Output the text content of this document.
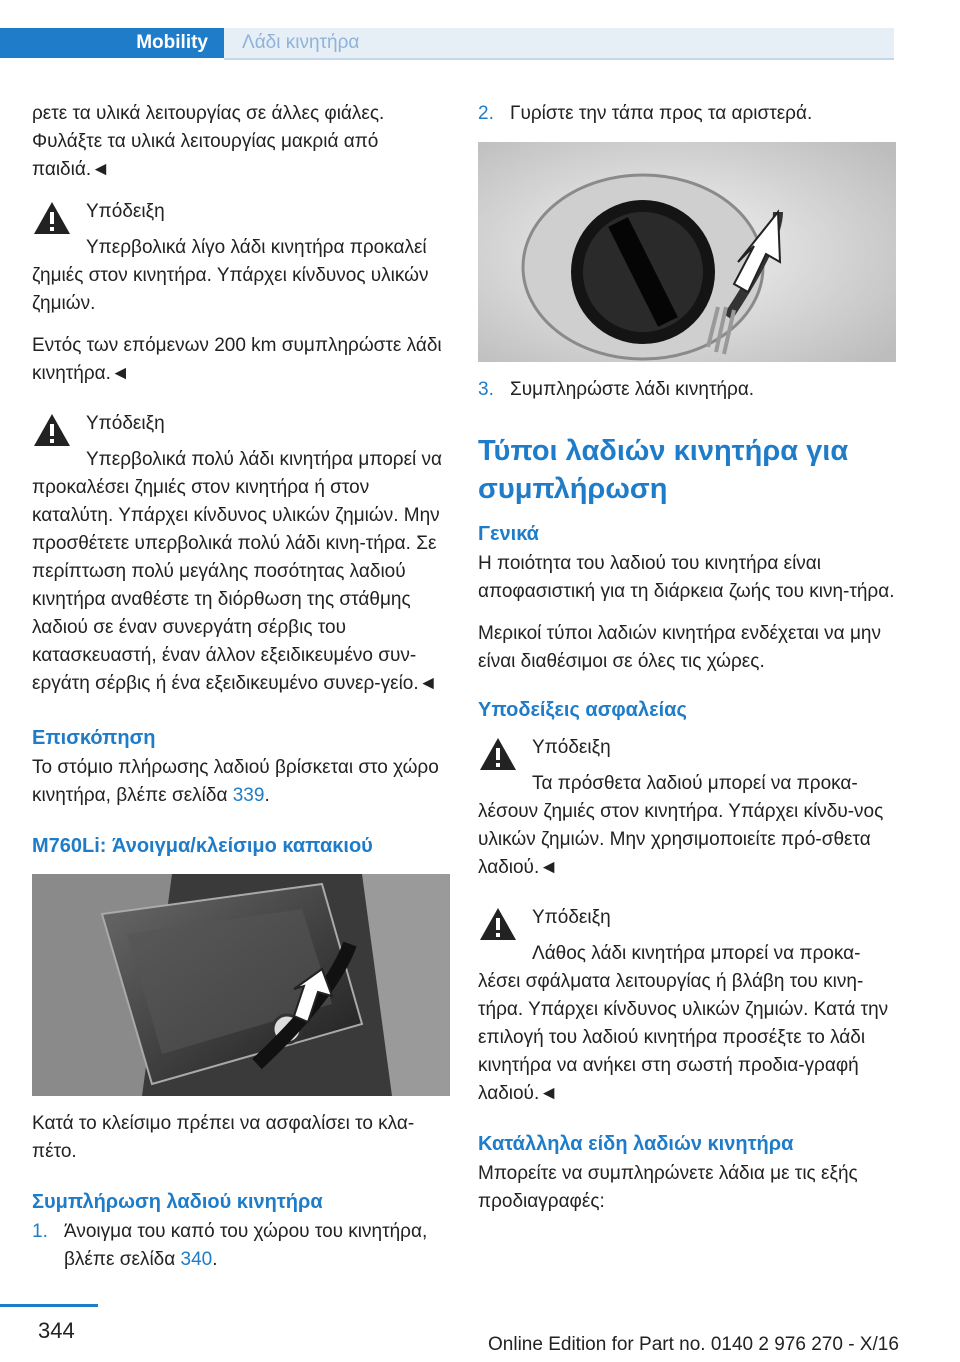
Mobility	Λάδι κινητήρα

ρετε τα υλικά λειτουργίας σε άλλες φιάλες. Φυλάξτε τα υλικά λειτουργίας μακριά από παιδιά.◄

Υπόδειξη

Υπερβολικά λίγο λάδι κινητήρα προκαλεί ζημιές στον κινητήρα. Υπάρχει κίνδυνος υλικών ζημιών.

Εντός των επόμενων 200 km συμπληρώστε λάδι κινητήρα.◄

Υπόδειξη

Υπερβολικά πολύ λάδι κινητήρα μπορεί να προκαλέσει ζημιές στον κινητήρα ή στον καταλύτη. Υπάρχει κίνδυνος υλικών ζημιών. Μην προσθέτετε υπερβολικά πολύ λάδι κινη‐τήρα. Σε περίπτωση πολύ μεγάλης ποσότητας λαδιού κινητήρα αναθέστε τη διόρθωση της στάθμης λαδιού σε έναν συνεργάτη σέρβις του κατασκευαστή, έναν άλλον εξειδικευμένο συν‐εργάτη σέρβις ή ένα εξειδικευμένο συνερ‐γείο.◄

Επισκόπηση

Το στόμιο πλήρωσης λαδιού βρίσκεται στο χώρο κινητήρα, βλέπε σελίδα 339.

M760Li: Άνοιγμα/κλείσιμο καπακιού

Κατά το κλείσιμο πρέπει να ασφαλίσει το κλα‐πέτο.

Συμπλήρωση λαδιού κινητήρα
1. Άνοιγμα του καπό του χώρου του κινητήρα, βλέπε σελίδα 340.
2. Γυρίστε την τάπα προς τα αριστερά.
3. Συμπληρώστε λάδι κινητήρα.
Τύποι λαδιών κινητήρα για συμπλήρωση
Γενικά

Η ποιότητα του λαδιού του κινητήρα είναι αποφασιστική για τη διάρκεια ζωής του κινη‐τήρα.

Μερικοί τύποι λαδιών κινητήρα ενδέχεται να μην είναι διαθέσιμοι σε όλες τις χώρες.

Υποδείξεις ασφαλείας
Υπόδειξη

Τα πρόσθετα λαδιού μπορεί να προκα‐λέσουν ζημιές στον κινητήρα. Υπάρχει κίνδυ‐νος υλικών ζημιών. Μην χρησιμοποιείτε πρό‐σθετα λαδιού.◄

Υπόδειξη

Λάθος λάδι κινητήρα μπορεί να προκα‐λέσει σφάλματα λειτουργίας ή βλάβη του κινη‐τήρα. Υπάρχει κίνδυνος υλικών ζημιών. Κατά την επιλογή του λαδιού κινητήρα προσέξτε το λάδι κινητήρα να ανήκει στη σωστή προδια‐γραφή λαδιού.◄

Κατάλληλα είδη λαδιών κινητήρα

Μπορείτε να συμπληρώνετε λάδια με τις εξής προδιαγραφές:

344
Online Edition for Part no. 0140 2 976 270 - X/16
